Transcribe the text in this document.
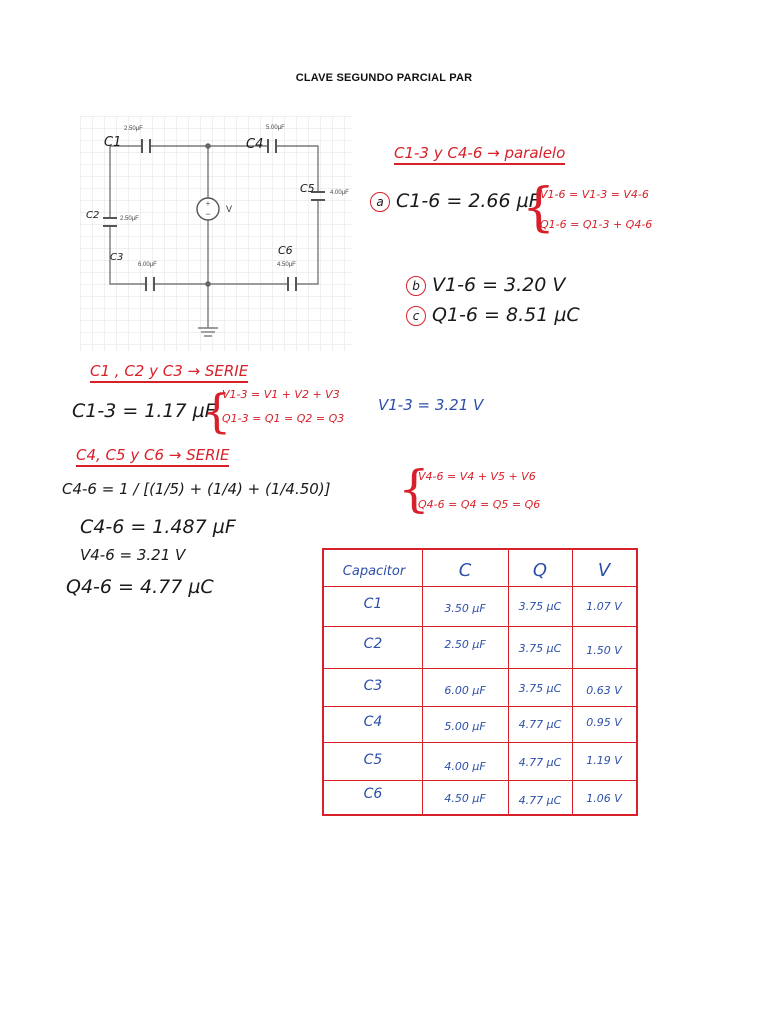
CLAVE SEGUNDO PARCIAL PAR
+
− V
2.50µF	5.00µF
4.00µF
2.50µF
6.00µF	4.50µF
C1	C4
C5
C2
C3
C6
C1-3 y C4-6 → paralelo
a C1-6 = 2.66 µF
{
V1-6 = V1-3 = V4-6
Q1-6 = Q1-3 + Q4-6
b V1-6 = 3.20 V
c Q1-6 = 8.51 µC
C1 , C2 y C3 → SERIE
C1-3 = 1.17 µF
{
V1-3 = V1 + V2 + V3
Q1-3 = Q1 = Q2 = Q3
V1-3 = 3.21 V
C4, C5 y C6 → SERIE
C4-6 = 1 / [(1/5) + (1/4) + (1/4.50)] {
V4-6 = V4 + V5 + V6
Q4-6 = Q4 = Q5 = Q6
C4-6 = 1.487 µF
V4-6 = 3.21 V
Q4-6 = 4.77 µC
Capacitor	C	Q	V
C1	3.50 µF	3.75 µC	1.07 V
C2	2.50 µF	3.75 µC	1.50 V
C3	6.00 µF	3.75 µC	0.63 V
C4	5.00 µF	4.77 µC	0.95 V
C5	4.00 µF	4.77 µC	1.19 V
C6	4.50 µF	4.77 µC	1.06 V
